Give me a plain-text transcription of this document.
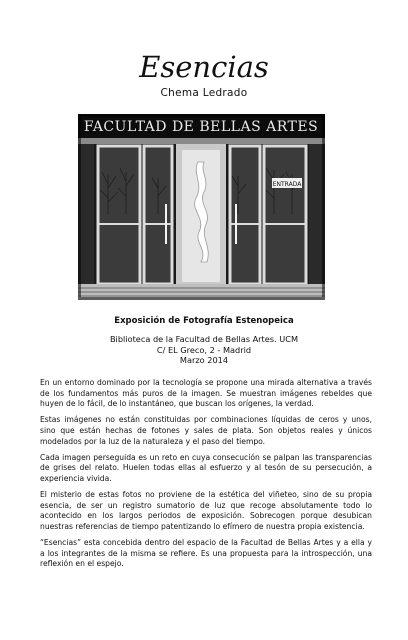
Esencias
Chema Ledrado
FACULTAD DE BELLAS ARTES
ENTRADA
Exposición de Fotografía Estenopeica
Biblioteca de la Facultad de Bellas Artes. UCM
C/ EL Greco, 2 - Madrid
Marzo 2014

En un entorno dominado por la tecnología se propone una mirada alternativa a través de los fundamentos más puros de la imagen. Se muestran imágenes rebeldes que huyen de lo fácil, de lo instantáneo, que buscan los orígenes, la verdad.

Estas imágenes no están constituidas por combinaciones líquidas de ceros y unos, sino que están hechas de fotones y sales de plata. Son objetos reales y únicos modelados por la luz de la naturaleza y el paso del tiempo.

Cada imagen perseguida es un reto en cuya consecución se palpan las transparencias de grises del relato. Huelen todas ellas al esfuerzo y al tesón de su persecución, a experiencia vivida.

El misterio de estas fotos no proviene de la estética del viñeteo, sino de su propia esencia, de ser un registro sumatorio de luz que recoge absolutamente todo lo acontecido en los largos periodos de exposición. Sobrecogen porque desubican nuestras referencias de tiempo patentizando lo efímero de nuestra propia existencia.

“Esencias” esta concebida dentro del espacio de la Facultad de Bellas Artes y a ella y a los integrantes de la misma se refiere. Es una propuesta para la introspección, una reflexión en el espejo.
